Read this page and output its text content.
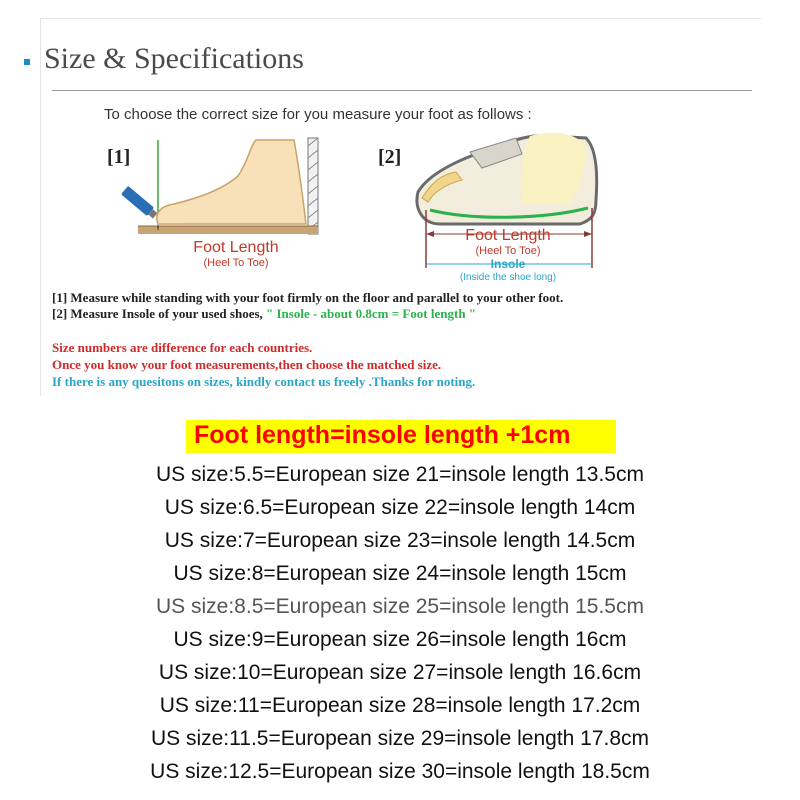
Size & Specifications
To choose the correct size for you measure your foot as follows :
[1]
Foot Length
(Heel To Toe)
[2]
Foot Length
(Heel To Toe)
Insole
(Inside the shoe long)
[1] Measure while standing with your foot firmly on the floor and parallel to your other foot.
[2] Measure Insole of your used shoes, " Insole - about 0.8cm = Foot length "
Size numbers are difference for each countries.
Once you know your foot measurements,then choose the matched size.
If there is any quesitons on sizes, kindly contact us freely .Thanks for noting.
Foot length=insole length +1cm
US size:5.5=European size 21=insole length 13.5cm
US size:6.5=European size 22=insole length 14cm
US size:7=European size 23=insole length 14.5cm
US size:8=European size 24=insole length 15cm
US size:8.5=European size 25=insole length 15.5cm
US size:9=European size 26=insole length 16cm
US size:10=European size 27=insole length 16.6cm
US size:11=European size 28=insole length 17.2cm
US size:11.5=European size 29=insole length 17.8cm
US size:12.5=European size 30=insole length 18.5cm
